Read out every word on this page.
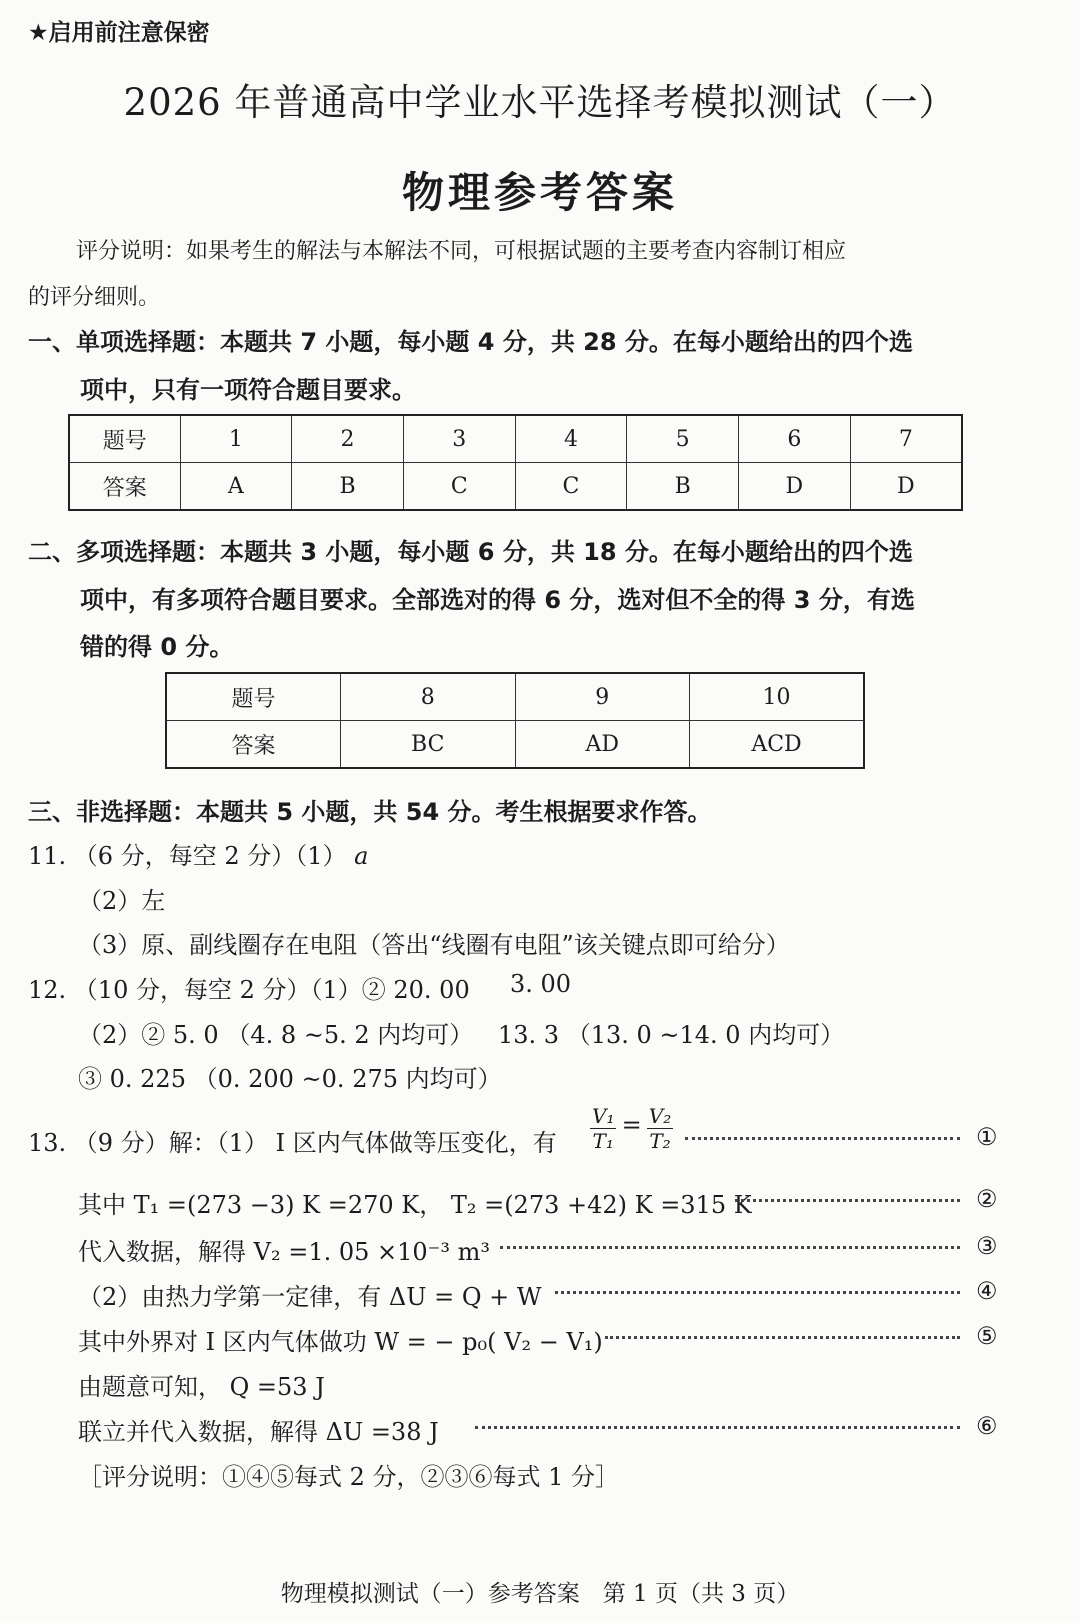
★启用前注意保密
2026 年普通高中学业水平选择考模拟测试（一）
物理参考答案
评分说明：如果考生的解法与本解法不同，可根据试题的主要考查内容制订相应
的评分细则。
一、单项选择题：本题共 7 小题，每小题 4 分，共 28 分。在每小题给出的四个选
项中，只有一项符合题目要求。
题号	1	2	3	4	5	6	7
答案	A	B	C	C	B	D	D
二、多项选择题：本题共 3 小题，每小题 6 分，共 18 分。在每小题给出的四个选
项中，有多项符合题目要求。全部选对的得 6 分，选对但不全的得 3 分，有选
错的得 0 分。
题号	8	9	10
答案	BC	AD	ACD
三、非选择题：本题共 5 小题，共 54 分。考生根据要求作答。
11. （6 分，每空 2 分）（1） a
（2）左
（3）原、副线圈存在电阻（答出“线圈有电阻”该关键点即可给分）
12. （10 分，每空 2 分）（1）② 20. 00 3. 00
（2）② 5. 0 （4. 8 ~5. 2 内均可） 13. 3 （13. 0 ~14. 0 内均可）
③ 0. 225 （0. 200 ~0. 275 内均可）
13. （9 分）解：（1） Ⅰ 区内气体做等压变化，有 $\frac{\text{V₁}}{\text{T₁}} = \frac{\text{V₂}}{\text{T₂}}$	①
其中 T₁ =(273 −3) K =270 K， T₂ =(273 +42) K =315 K	②
代入数据，解得 V₂ =1. 05 ×10⁻³ m³	③
（2）由热力学第一定律，有 ΔU = Q + W	④
其中外界对 Ⅰ 区内气体做功 W = − p₀( V₂ − V₁)	⑤
由题意可知， Q =53 J
联立并代入数据，解得 ΔU =38 J	⑥
［评分说明：①④⑤每式 2 分，②③⑥每式 1 分］
物理模拟测试（一）参考答案　第 1 页（共 3 页）
